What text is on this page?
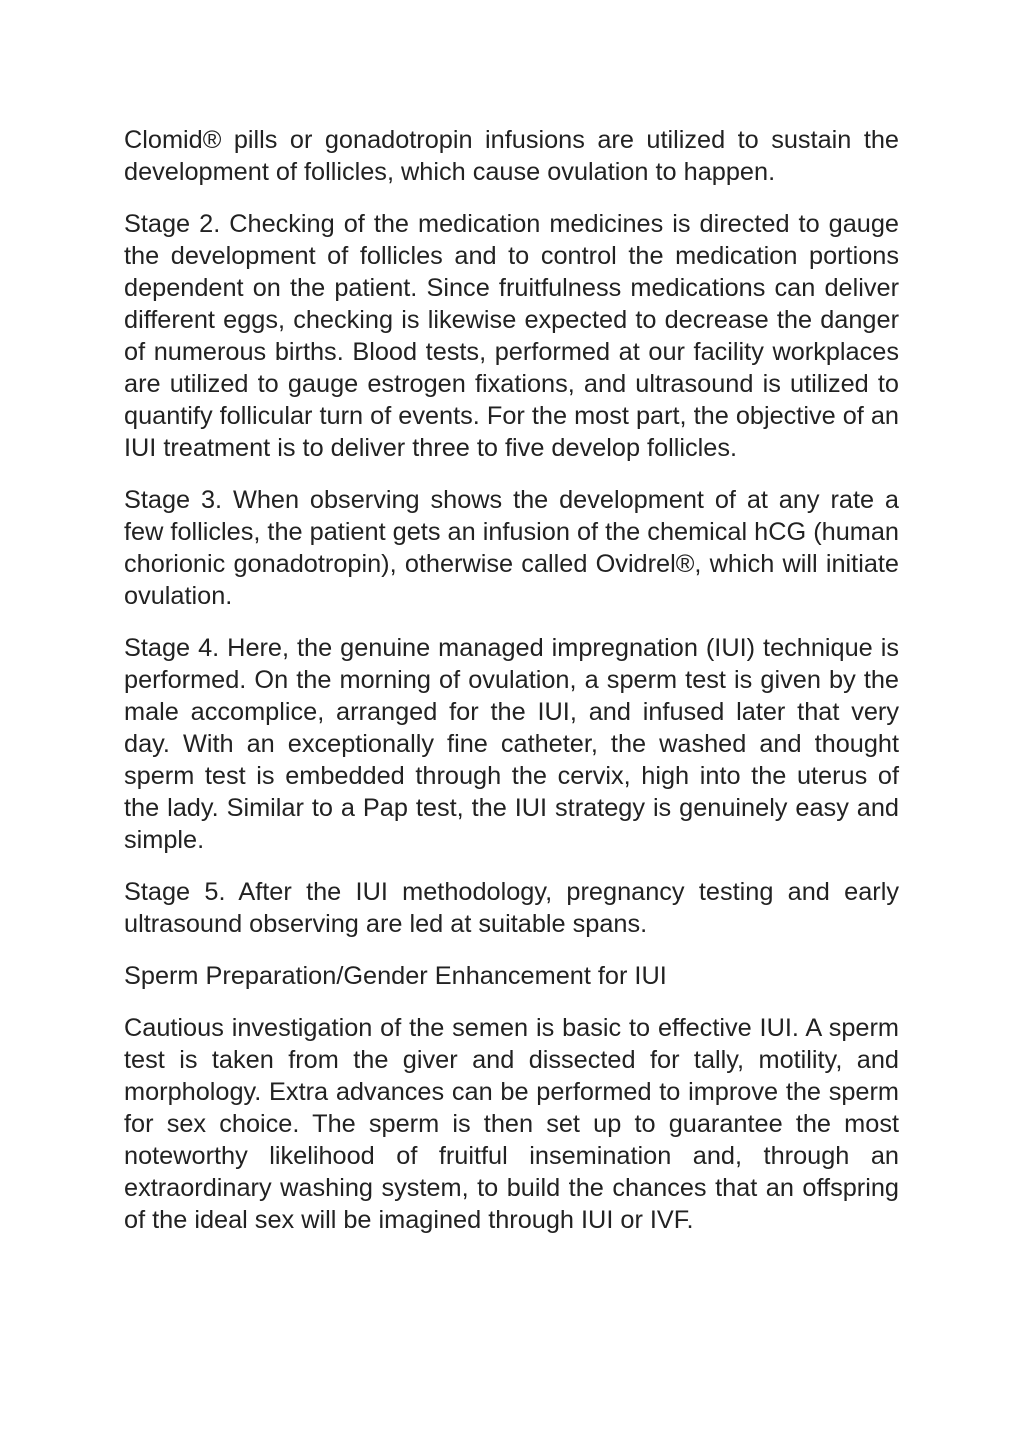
Clomid® pills or gonadotropin infusions are utilized to sustain the development of follicles, which cause ovulation to happen.

Stage 2. Checking of the medication medicines is directed to gauge the development of follicles and to control the medication portions dependent on the patient. Since fruitfulness medications can deliver different eggs, checking is likewise expected to decrease the danger of numerous births. Blood tests, performed at our facility workplaces are utilized to gauge estrogen fixations, and ultrasound is utilized to quantify follicular turn of events. For the most part, the objective of an IUI treatment is to deliver three to five develop follicles.

Stage 3. When observing shows the development of at any rate a few follicles, the patient gets an infusion of the chemical hCG (human chorionic gonadotropin), otherwise called Ovidrel®, which will initiate ovulation.

Stage 4. Here, the genuine managed impregnation (IUI) technique is performed. On the morning of ovulation, a sperm test is given by the male accomplice, arranged for the IUI, and infused later that very day. With an exceptionally fine catheter, the washed and thought sperm test is embedded through the cervix, high into the uterus of the lady. Similar to a Pap test, the IUI strategy is genuinely easy and simple.

Stage 5. After the IUI methodology, pregnancy testing and early ultrasound observing are led at suitable spans.

Sperm Preparation/Gender Enhancement for IUI

Cautious investigation of the semen is basic to effective IUI. A sperm test is taken from the giver and dissected for tally, motility, and morphology. Extra advances can be performed to improve the sperm for sex choice. The sperm is then set up to guarantee the most noteworthy likelihood of fruitful insemination and, through an extraordinary washing system, to build the chances that an offspring of the ideal sex will be imagined through IUI or IVF.
